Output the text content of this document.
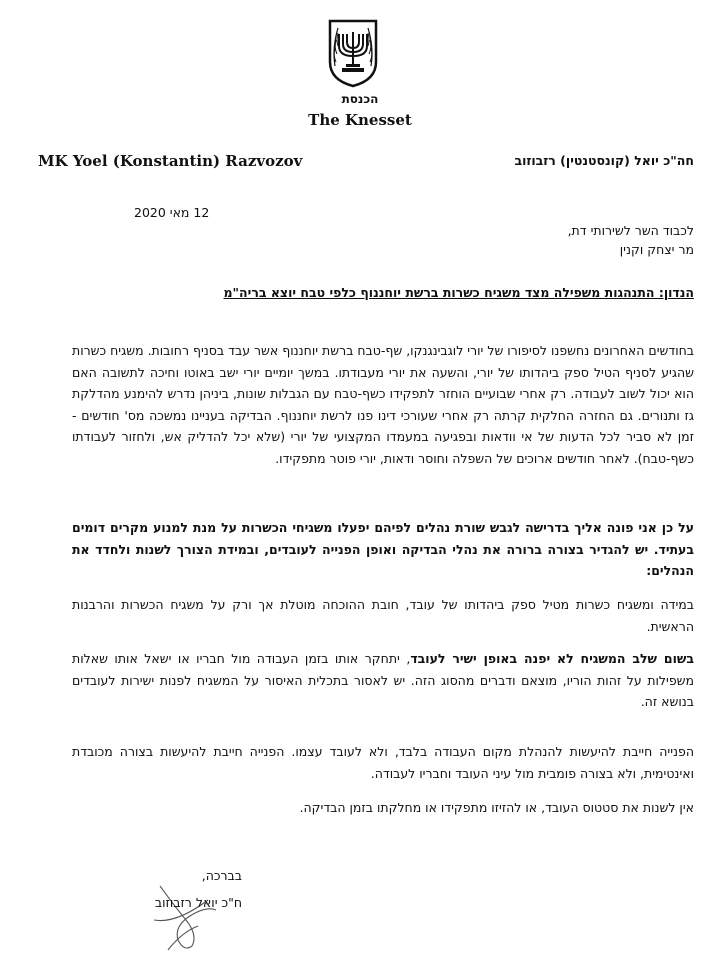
הכנסת
The Knesset
MK Yoel (Konstantin) Razvozov	חה"כ יואל (קונסטנטין) רזבוזוב
12 מאי 2020
לכבוד השר לשירותי דת,
מר יצחק וקנין
הנדון: התנהגות משפילה מצד משגיח כשרות ברשת יוחננוף כלפי טבח יוצא בריה"מ
בחודשים האחרונים נחשפנו לסיפורו של יורי לוגבינגנקו, שף-טבח ברשת יוחננוף אשר עבד בסניף רחובות. משגיח כשרות שהגיע לסניף הטיל ספק ביהדותו של יורי, והשעה את יורי מעבודתו. במשך יומיים יורי ישב באוטו וחיכה לתשובה האם הוא יכול לשוב לעבודה. רק אחרי שבועיים הוחזר לתפקידו כשף-טבח עם הגבלות שונות, ביניהן נדרש להימנע מהדלקת גז ותנורים. גם החזרה החלקית קרתה רק אחרי שעורכי דינו פנו לרשת יוחננוף. הבדיקה בעניינו נמשכה מס' חודשים - זמן לא סביר לכל הדעות של אי וודאות ובפגיעה במעמדו המקצועי של יורי (שלא יכל להדליק אש, ולחזור לעבודתו כשף-טבח). לאחר חודשים ארוכים של השפלה וחוסר ודאות, יורי פוטר מתפקידו.
על כן אני פונה אליך בדרישה לגבש שורת נהלים לפיהם יפעלו משגיחי הכשרות על מנת למנוע מקרים דומים בעתיד. יש להגדיר בצורה ברורה את נהלי הבדיקה ואופן הפנייה לעובדים, ובמידת הצורך לשנות ולחדד את הנהלים:
במידה ומשגיח כשרות מטיל ספק ביהדותו של עובד, חובת ההוכחה מוטלת אך ורק על משגיח הכשרות והרבנות הראשית.
בשום שלב המשגיח לא יפנה באופן ישיר לעובד, יתחקר אותו בזמן העבודה מול חבריו או ישאל אותו שאלות משפילות על זהות הוריו, מוצאם ודברים מהסוג הזה. יש לאסור בתכלית האיסור על המשגיח לפנות ישירות לעובדים בנושא זה.
הפנייה חייבת להיעשות להנהלת מקום העבודה בלבד, ולא לעובד עצמו. הפנייה חייבת להיעשות בצורה מכובדת ואינטימית, ולא בצורה פומבית מול עיני העובד וחבריו לעבודה.
אין לשנות את סטטוס העובד, או להזיזו מתפקידו או מחלקתו בזמן הבדיקה.
בברכה,
ח"כ יואל רזבוזוב
